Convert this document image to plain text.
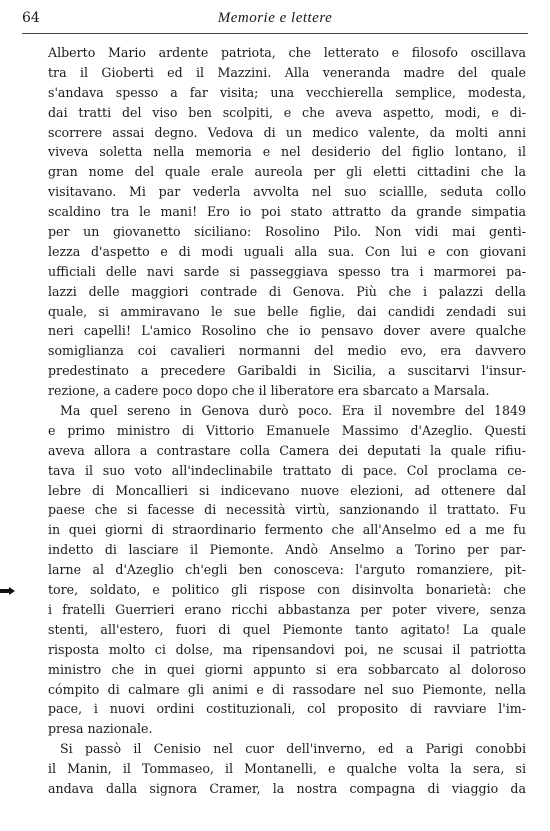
64	Memorie e lettere
Alberto Mario ardente patriota, che letterato e filosofo oscillava
tra il Gioberti ed il Mazzini. Alla veneranda madre del quale
s'andava spesso a far visita; una vecchierella semplice, modesta,
dai tratti del viso ben scolpiti, e che aveva aspetto, modi, e di-
scorrere assai degno. Vedova di un medico valente, da molti anni
viveva soletta nella memoria e nel desiderio del figlio lontano, il
gran nome del quale erale aureola per gli eletti cittadini che la
visitavano. Mi par vederla avvolta nel suo sciallle, seduta collo
scaldino tra le mani! Ero io poi stato attratto da grande simpatia
per un giovanetto siciliano: Rosolino Pilo. Non vidi mai genti-
lezza d'aspetto e di modi uguali alla sua. Con lui e con giovani
ufficiali delle navi sarde si passeggiava spesso tra i marmorei pa-
lazzi delle maggiori contrade di Genova. Più che i palazzi della
quale, si ammiravano le sue belle figlie, dai candidi zendadi sui
neri capelli! L'amico Rosolino che io pensavo dover avere qualche
somiglianza coi cavalieri normanni del medio evo, era davvero
predestinato a precedere Garibaldi in Sicilia, a suscitarvi l'insur-
rezione, a cadere poco dopo che il liberatore era sbarcato a Marsala.
Ma quel sereno in Genova durò poco. Era il novembre del 1849
e primo ministro di Vittorio Emanuele Massimo d'Azeglio. Questi
aveva allora a contrastare colla Camera dei deputati la quale rifiu-
tava il suo voto all'indeclinabile trattato di pace. Col proclama ce-
lebre di Moncallieri si indicevano nuove elezioni, ad ottenere dal
paese che si facesse di necessità virtù, sanzionando il trattato. Fu
in quei giorni di straordinario fermento che all'Anselmo ed a me fu
indetto di lasciare il Piemonte. Andò Anselmo a Torino per par-
larne al d'Azeglio ch'egli ben conosceva: l'arguto romanziere, pit-
tore, soldato, e politico gli rispose con disinvolta bonarietà: che
i fratelli Guerrieri erano ricchi abbastanza per poter vivere, senza
stenti, all'estero, fuori di quel Piemonte tanto agitato! La quale
risposta molto ci dolse, ma ripensandovi poi, ne scusai il patriotta
ministro che in quei giorni appunto si era sobbarcato al doloroso
cómpito di calmare gli animi e di rassodare nel suo Piemonte, nella
pace, i nuovi ordini costituzionali, col proposito di ravviare l'im-
presa nazionale.
Si passò il Cenisio nel cuor dell'inverno, ed a Parigi conobbi
il Manin, il Tommaseo, il Montanelli, e qualche volta la sera, si
andava dalla signora Cramer, la nostra compagna di viaggio da
